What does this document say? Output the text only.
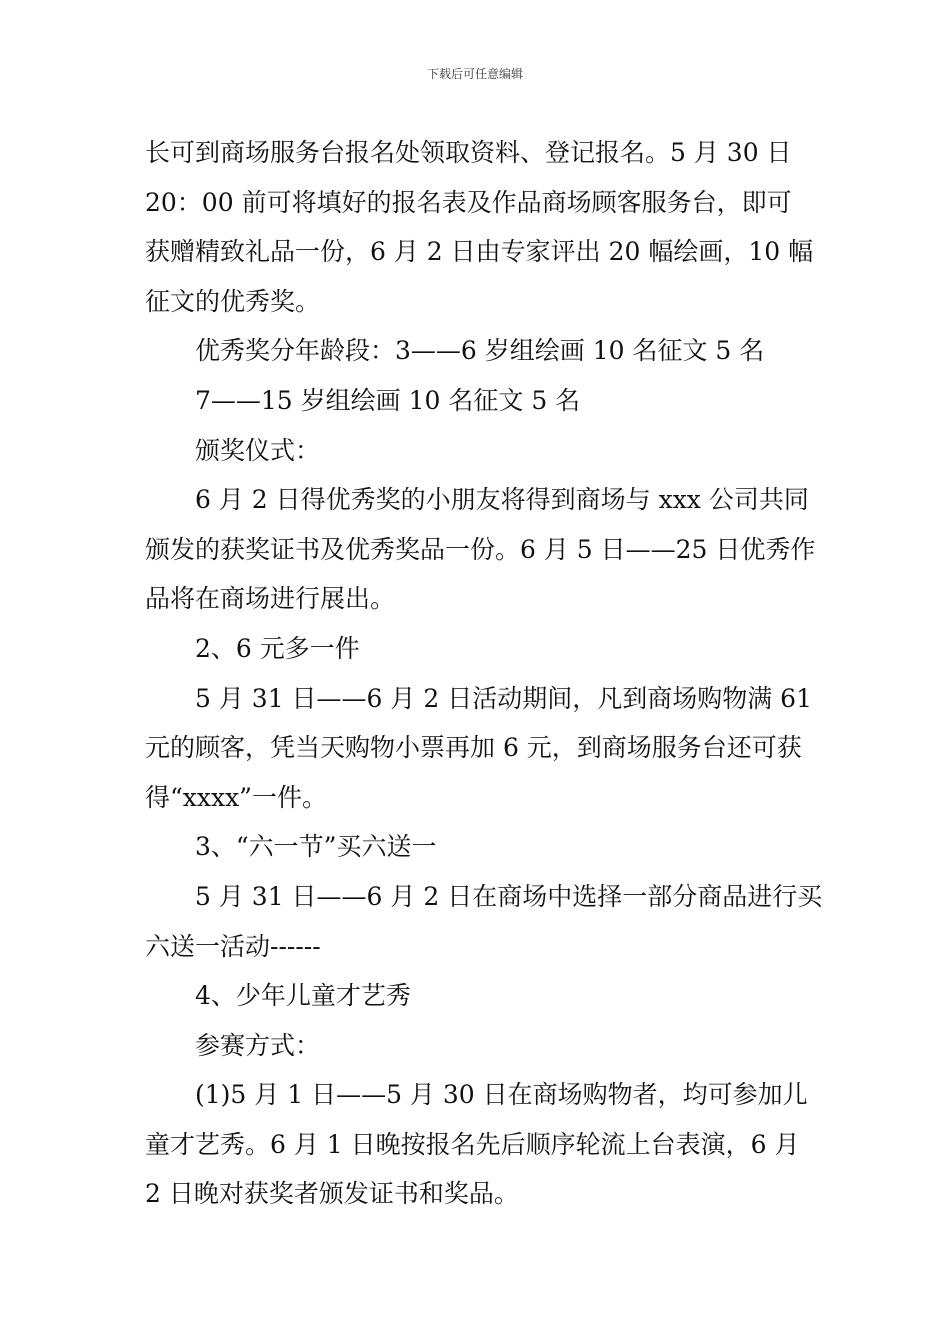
下载后可任意编辑
长可到商场服务台报名处领取资料、登记报名。5 月 30 日
20：00 前可将填好的报名表及作品商场顾客服务台，即可
获赠精致礼品一份，6 月 2 日由专家评出 20 幅绘画，10 幅
征文的优秀奖。
优秀奖分年龄段：3——6 岁组绘画 10 名征文 5 名
7——15 岁组绘画 10 名征文 5 名
颁奖仪式：
6 月 2 日得优秀奖的小朋友将得到商场与 xxx 公司共同
颁发的获奖证书及优秀奖品一份。6 月 5 日——25 日优秀作
品将在商场进行展出。
2、6 元多一件
5 月 31 日——6 月 2 日活动期间，凡到商场购物满 61
元的顾客，凭当天购物小票再加 6 元，到商场服务台还可获
得“xxxx”一件。
3、“六一节”买六送一
5 月 31 日——6 月 2 日在商场中选择一部分商品进行买
六送一活动------
4、少年儿童才艺秀
参赛方式：
(1)5 月 1 日——5 月 30 日在商场购物者，均可参加儿
童才艺秀。6 月 1 日晚按报名先后顺序轮流上台表演，6 月
2 日晚对获奖者颁发证书和奖品。
